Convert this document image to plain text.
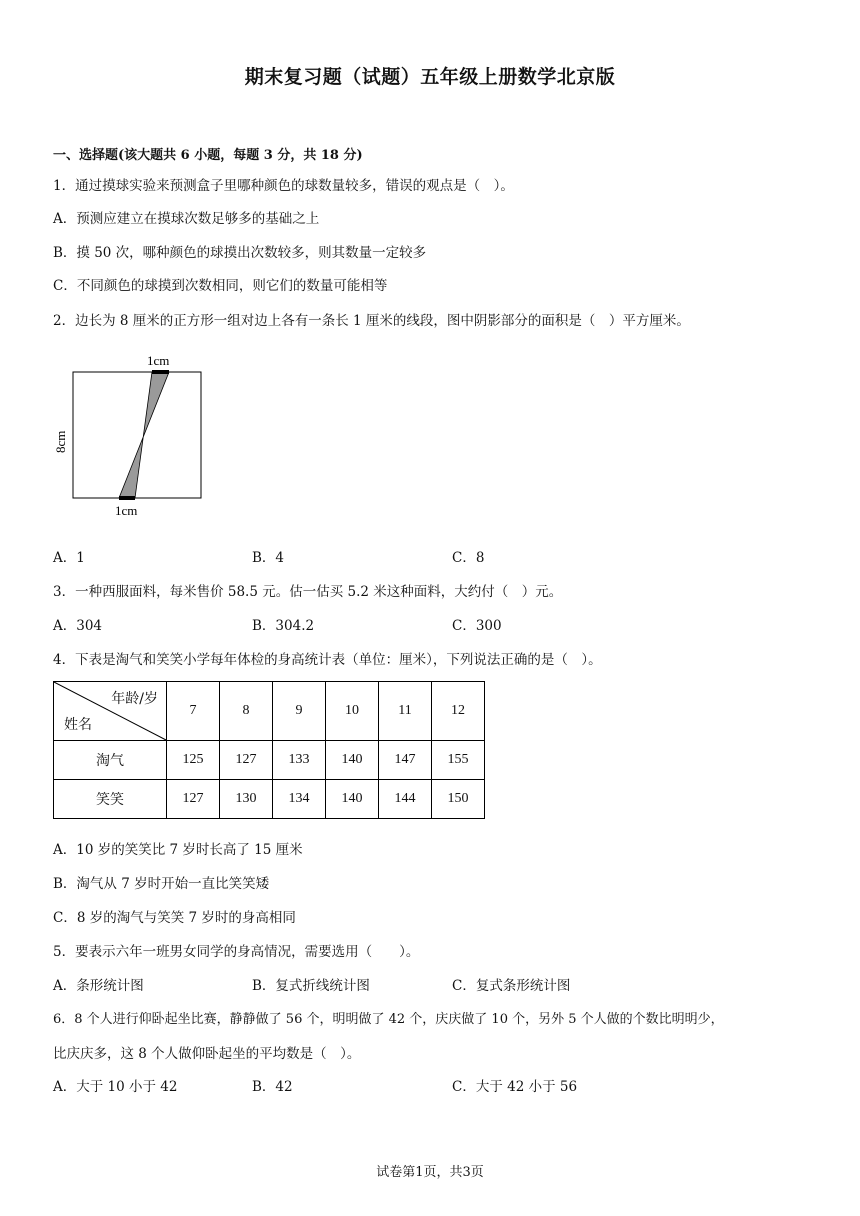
期末复习题（试题）五年级上册数学北京版
一、选择题(该大题共 6 小题，每题 3 分，共 18 分)
1．通过摸球实验来预测盒子里哪种颜色的球数量较多，错误的观点是（　）。
A．预测应建立在摸球次数足够多的基础之上
B．摸 50 次，哪种颜色的球摸出次数较多，则其数量一定较多
C．不同颜色的球摸到次数相同，则它们的数量可能相等
2．边长为 8 厘米的正方形一组对边上各有一条长 1 厘米的线段，图中阴影部分的面积是（　）平方厘米。
1cm
1cm
8cm
A．1	B．4	C．8
3．一种西服面料，每米售价 58.5 元。估一估买 5.2 米这种面料，大约付（　）元。
A．304	B．304.2	C．300
4．下表是淘气和笑笑小学每年体检的身高统计表（单位：厘米），下列说法正确的是（　）。
年龄/岁
姓名	7	8	9	10	11	12
淘气	125	127	133	140	147	155
笑笑	127	130	134	140	144	150
A．10 岁的笑笑比 7 岁时长高了 15 厘米
B．淘气从 7 岁时开始一直比笑笑矮
C．8 岁的淘气与笑笑 7 岁时的身高相同
5．要表示六年一班男女同学的身高情况，需要选用（　　）。
A．条形统计图	B．复式折线统计图	C．复式条形统计图
6．8 个人进行仰卧起坐比赛，静静做了 56 个，明明做了 42 个，庆庆做了 10 个，另外 5 个人做的个数比明明少，
比庆庆多，这 8 个人做仰卧起坐的平均数是（　）。
A．大于 10 小于 42	B．42	C．大于 42 小于 56
试卷第1页，共3页
